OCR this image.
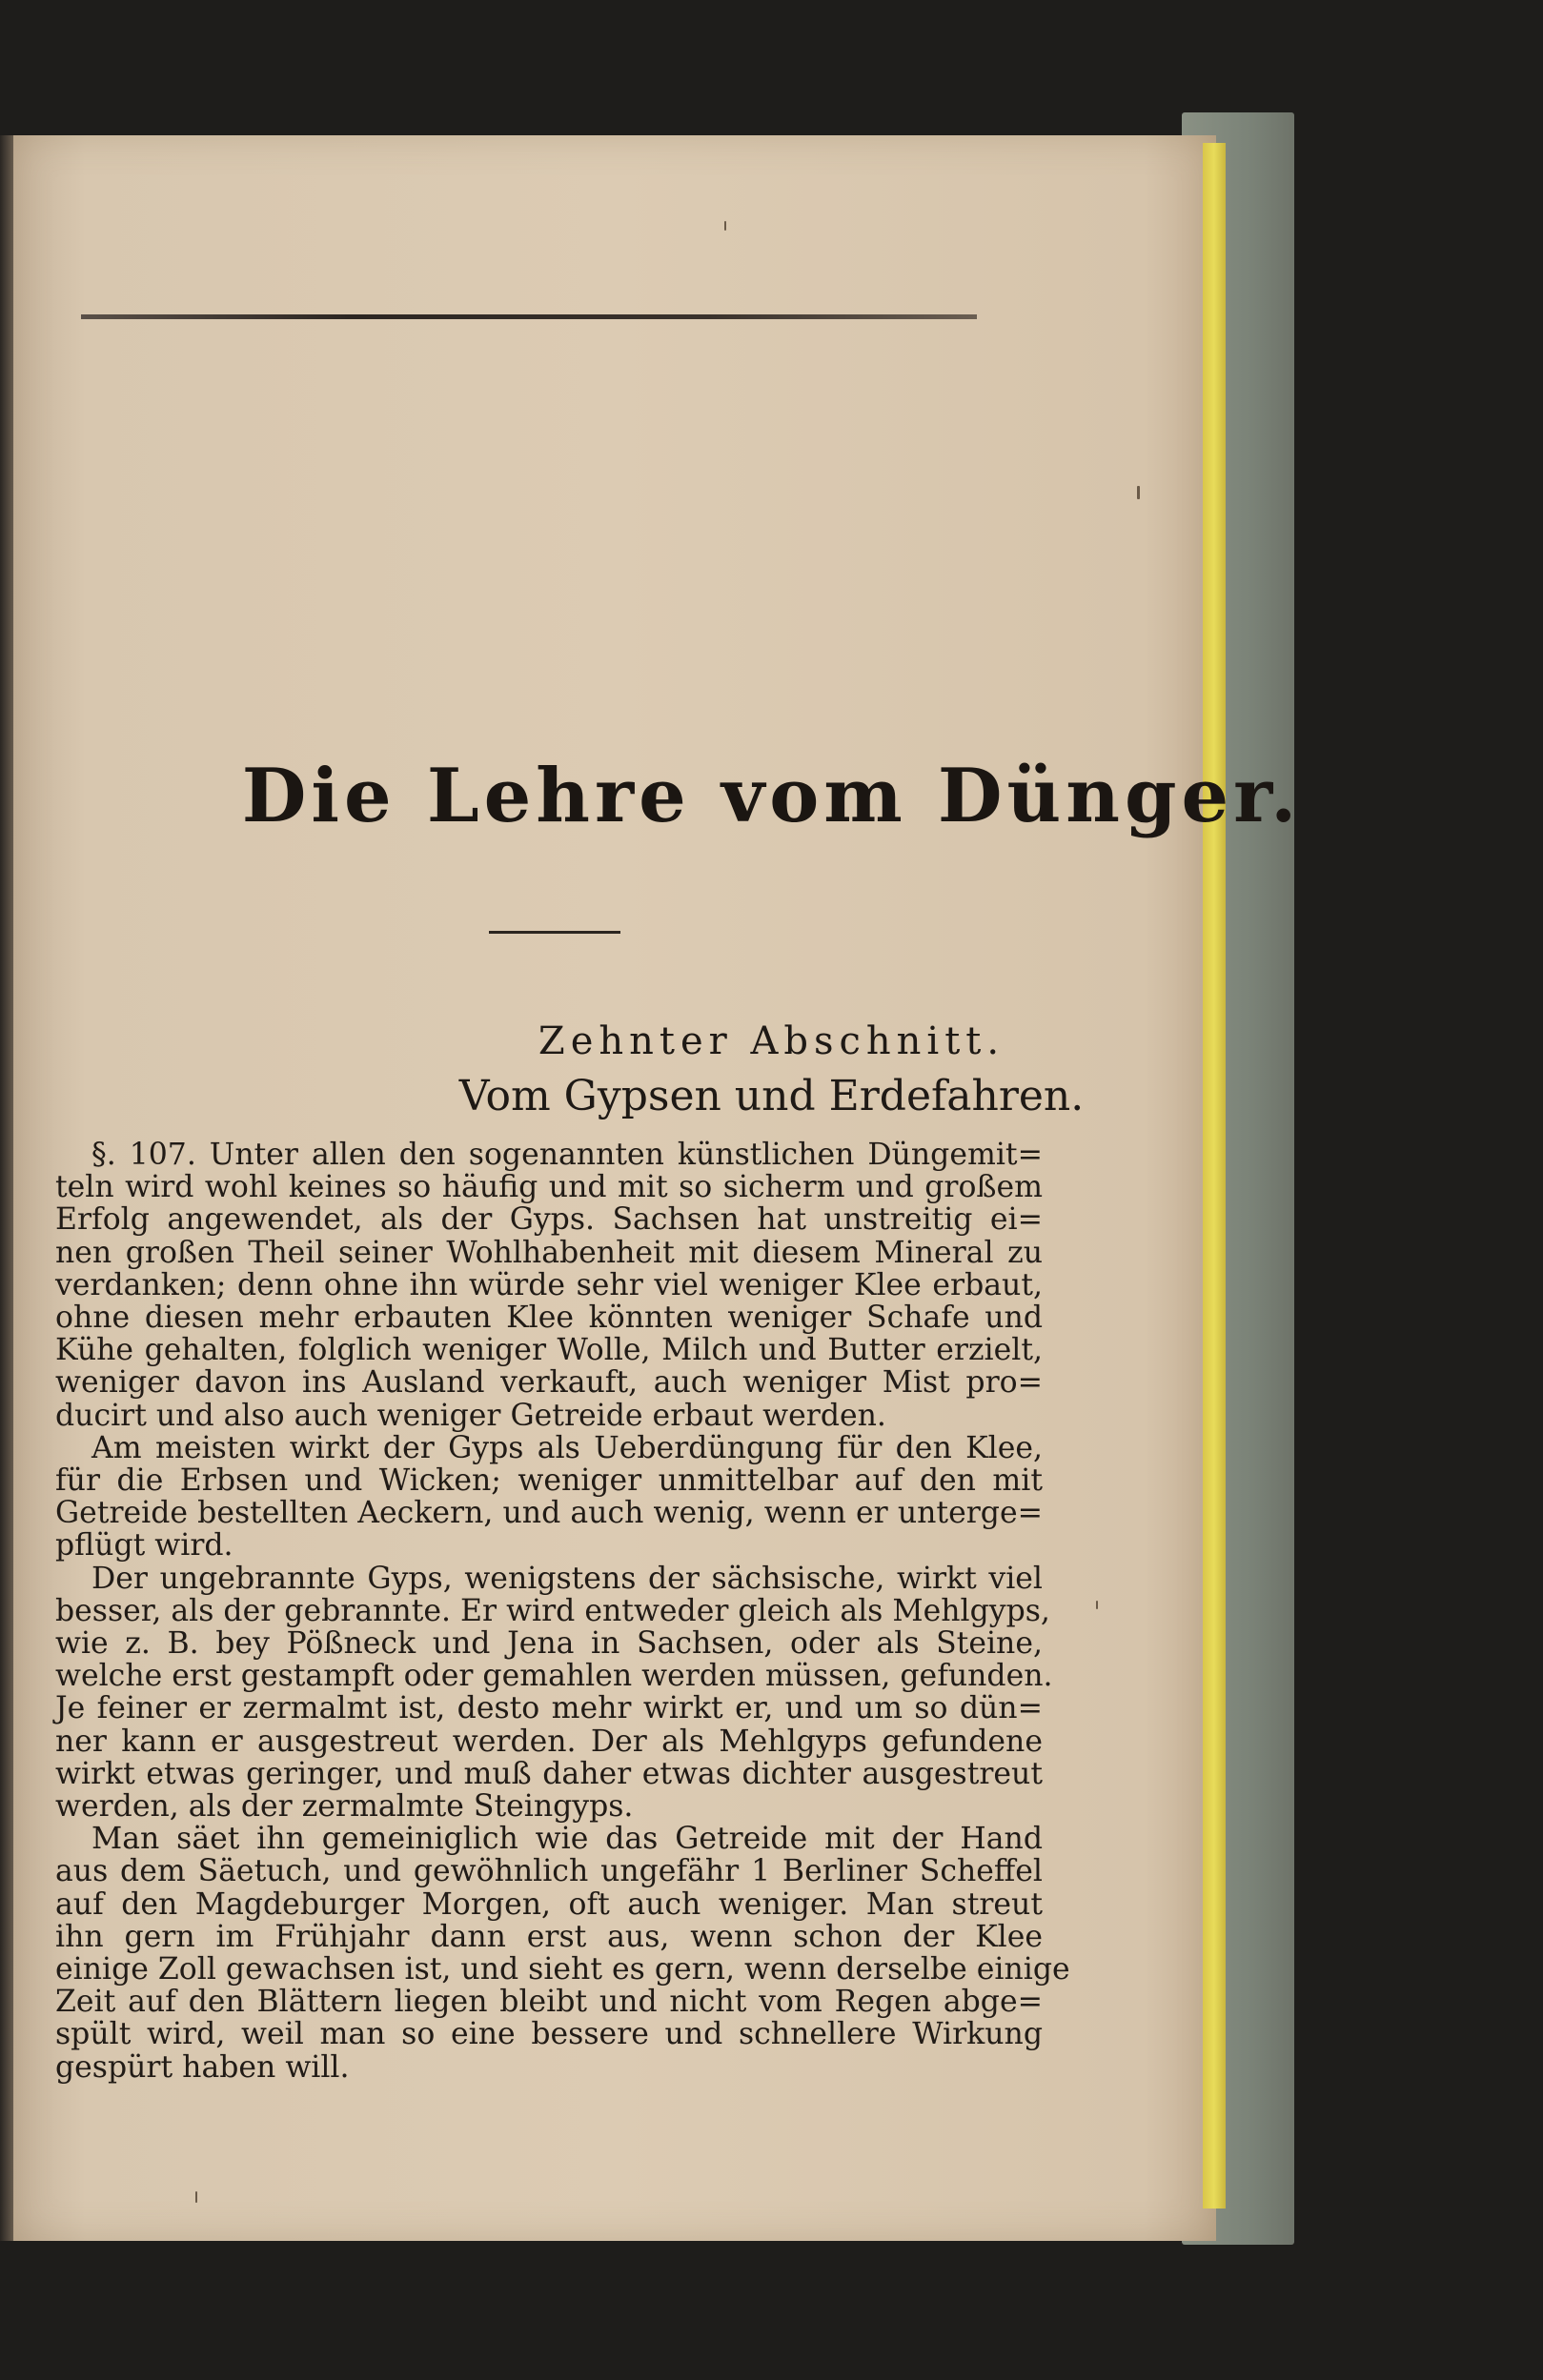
Die Lehre vom Dünger.
Zehnter Abschnitt.
Vom Gypsen und Erdefahren.
§. 107. Unter allen den sogenannten künstlichen Düngemit=
teln wird wohl keines so häufig und mit so sicherm und großem
Erfolg angewendet, als der Gyps. Sachsen hat unstreitig ei=
nen großen Theil seiner Wohlhabenheit mit diesem Mineral zu
verdanken; denn ohne ihn würde sehr viel weniger Klee erbaut,
ohne diesen mehr erbauten Klee könnten weniger Schafe und
Kühe gehalten, folglich weniger Wolle, Milch und Butter erzielt,
weniger davon ins Ausland verkauft, auch weniger Mist pro=
ducirt und also auch weniger Getreide erbaut werden.
Am meisten wirkt der Gyps als Ueberdüngung für den Klee,
für die Erbsen und Wicken; weniger unmittelbar auf den mit
Getreide bestellten Aeckern, und auch wenig, wenn er unterge=
pflügt wird.
Der ungebrannte Gyps, wenigstens der sächsische, wirkt viel
besser, als der gebrannte. Er wird entweder gleich als Mehlgyps,
wie z. B. bey Pößneck und Jena in Sachsen, oder als Steine,
welche erst gestampft oder gemahlen werden müssen, gefunden.
Je feiner er zermalmt ist, desto mehr wirkt er, und um so dün=
ner kann er ausgestreut werden. Der als Mehlgyps gefundene
wirkt etwas geringer, und muß daher etwas dichter ausgestreut
werden, als der zermalmte Steingyps.
Man säet ihn gemeiniglich wie das Getreide mit der Hand
aus dem Säetuch, und gewöhnlich ungefähr 1 Berliner Scheffel
auf den Magdeburger Morgen, oft auch weniger. Man streut
ihn gern im Frühjahr dann erst aus, wenn schon der Klee
einige Zoll gewachsen ist, und sieht es gern, wenn derselbe einige
Zeit auf den Blättern liegen bleibt und nicht vom Regen abge=
spült wird, weil man so eine bessere und schnellere Wirkung
gespürt haben will.
